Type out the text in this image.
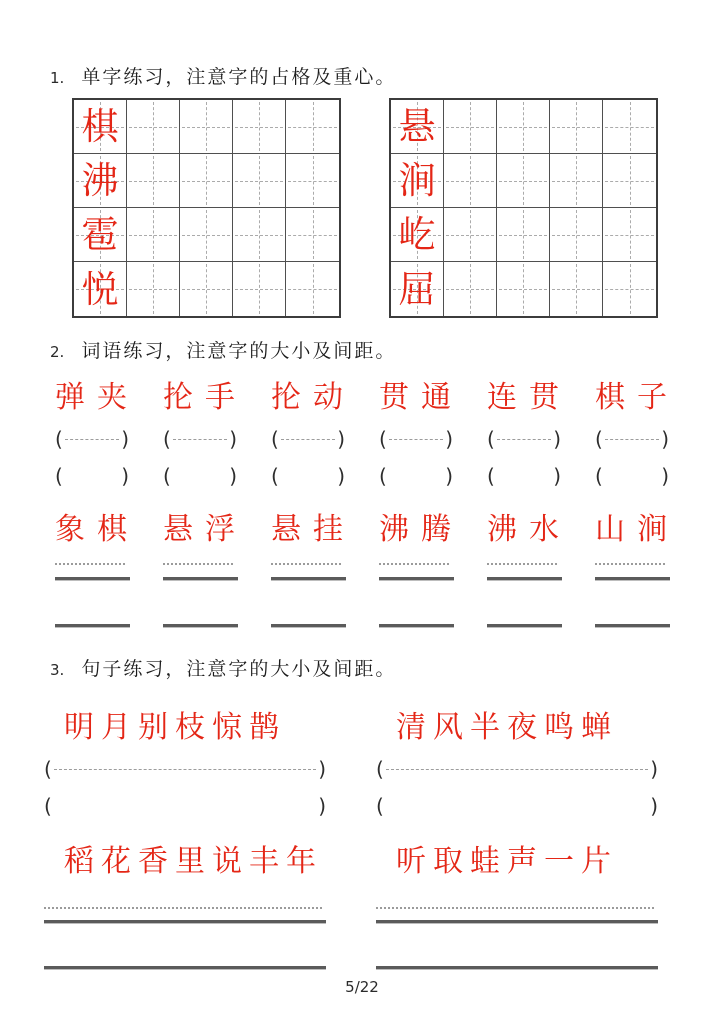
1. 单字练习，注意字的占格及重心。
棋
沸
雹
悦
悬
涧
屹
屈
2. 词语练习，注意字的大小及间距。
弹夹 抡手 抡动 贯通 连贯 棋子
(	) (	) (	) (	) (	) (	)
(	) (	) (	) (	) (	) (	)
象棋 悬浮 悬挂 沸腾 沸水 山涧
3. 句子练习，注意字的大小及间距。
明月别枝惊鹊	清风半夜鸣蝉
(	)	(	)
(	)	(	)
稻花香里说丰年	听取蛙声一片
5/22
